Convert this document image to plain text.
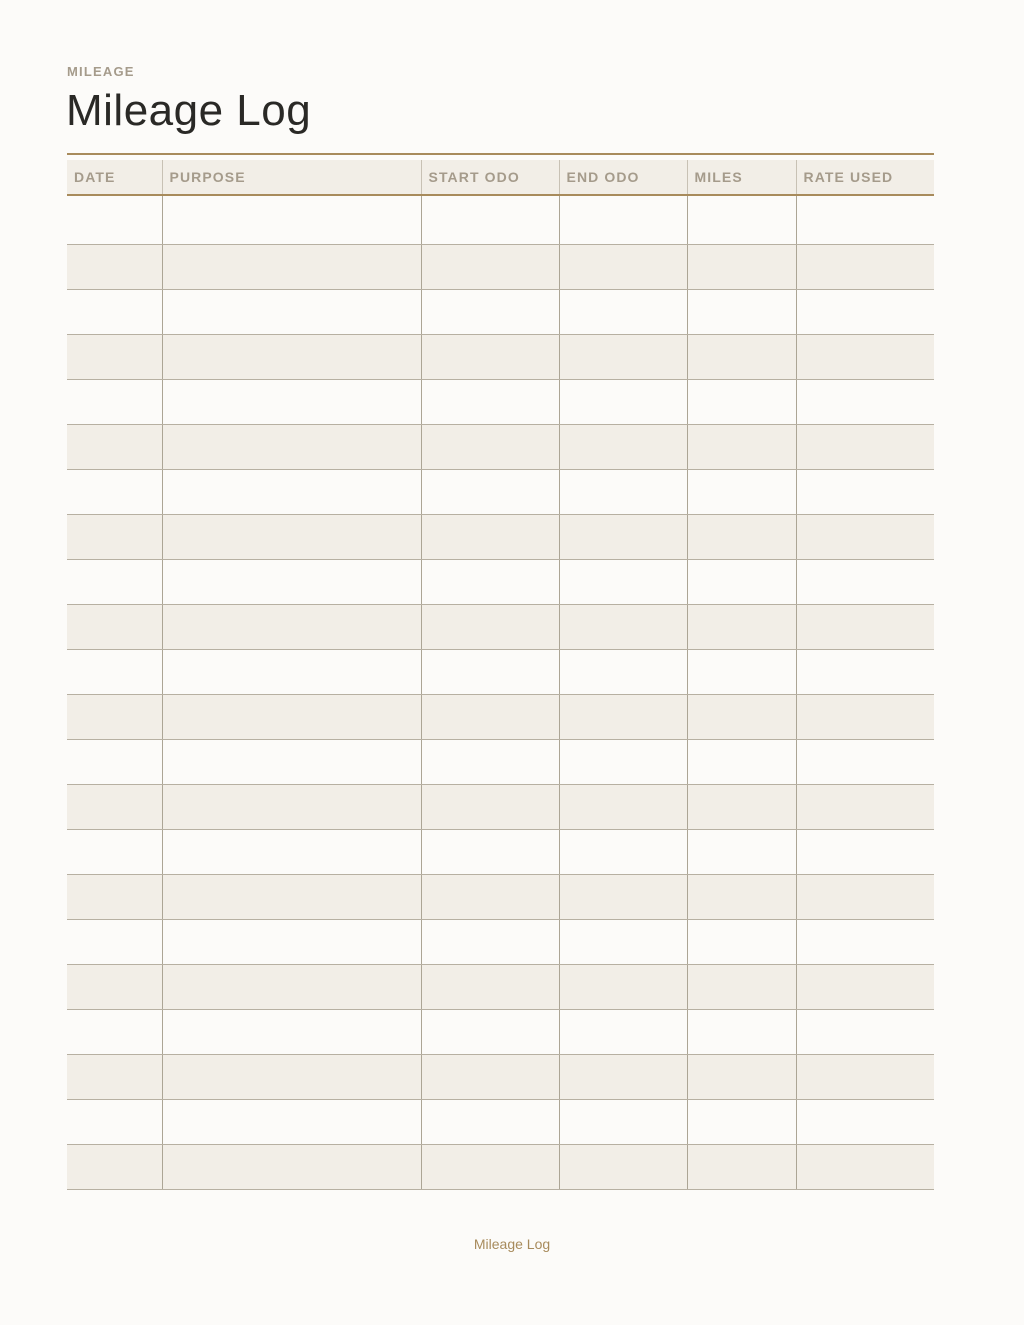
MILEAGE
Mileage Log
DATE	PURPOSE	START ODO	END ODO	MILES	RATE USED

Mileage Log
